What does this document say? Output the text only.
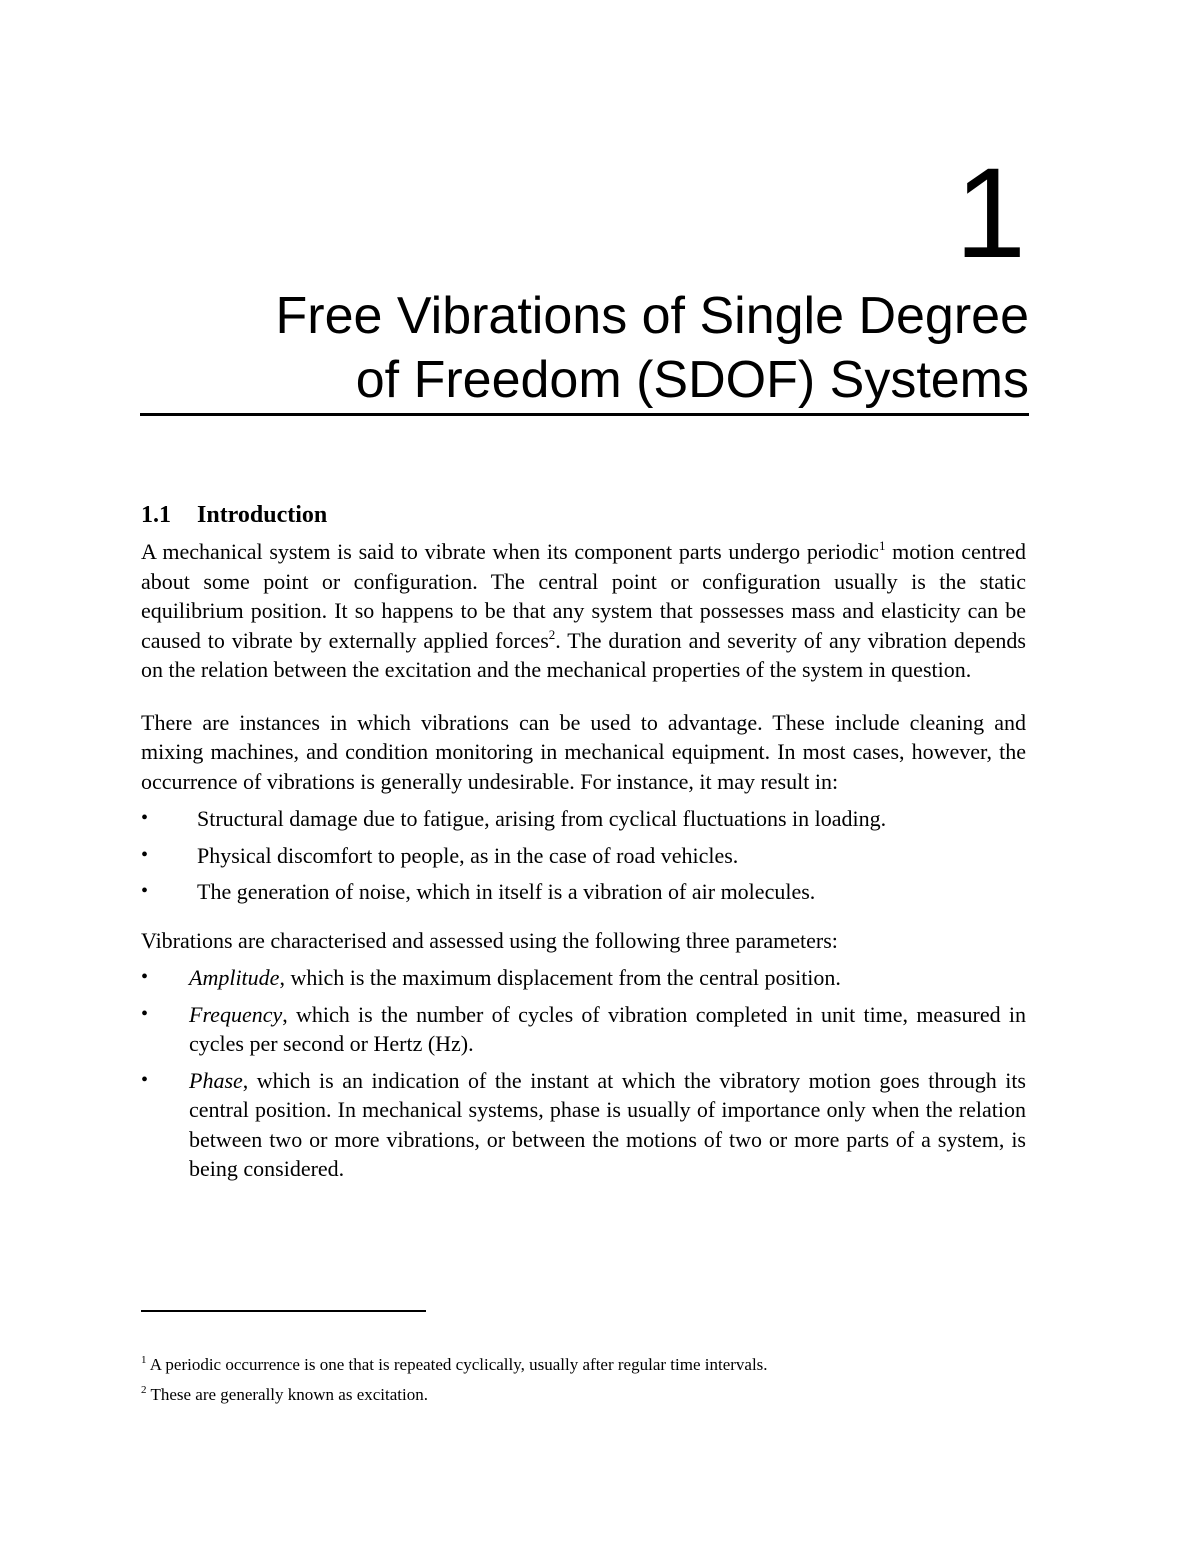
1
Free Vibrations of Single Degree
of Freedom (SDOF) Systems
1.1 Introduction

A mechanical system is said to vibrate when its component parts undergo periodic$^1$ motion centred about some point or configuration. The central point or configuration usually is the static equilibrium position. It so happens to be that any system that possesses mass and elasticity can be caused to vibrate by externally applied forces$^2$. The duration and severity of any vibration depends on the relation between the excitation and the mechanical properties of the system in question.

There are instances in which vibrations can be used to advantage. These include cleaning and mixing machines, and condition monitoring in mechanical equipment. In most cases, however, the occurrence of vibrations is generally undesirable. For instance, it may result in:

• Structural damage due to fatigue, arising from cyclical fluctuations in loading.
• Physical discomfort to people, as in the case of road vehicles.
• The generation of noise, which in itself is a vibration of air molecules.

Vibrations are characterised and assessed using the following three parameters:

• Amplitude, which is the maximum displacement from the central position.
• Frequency, which is the number of cycles of vibration completed in unit time, measured in cycles per second or Hertz (Hz).
• Phase, which is an indication of the instant at which the vibratory motion goes through its central position. In mechanical systems, phase is usually of importance only when the relation between two or more vibrations, or between the motions of two or more parts of a system, is being considered.
$^1$ A periodic occurrence is one that is repeated cyclically, usually after regular time intervals.
$^2$ These are generally known as excitation.
